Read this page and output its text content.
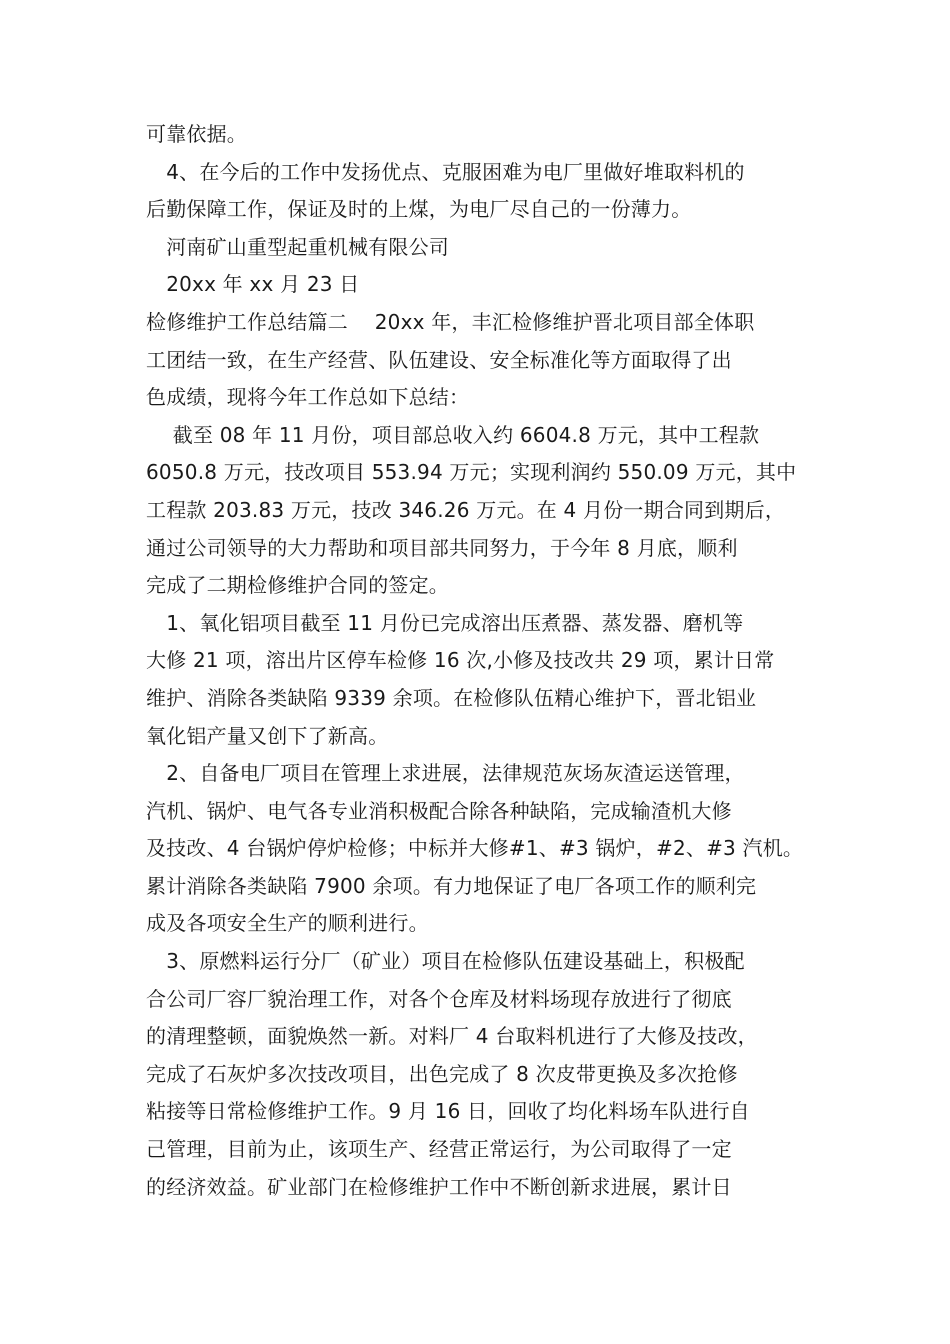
可靠依据。
　4、在今后的工作中发扬优点、克服困难为电厂里做好堆取料机的
后勤保障工作，保证及时的上煤，为电厂尽自己的一份薄力。
　河南矿山重型起重机械有限公司
　20xx 年 xx 月 23 日
检修维护工作总结篇二　 20xx 年，丰汇检修维护晋北项目部全体职
工团结一致，在生产经营、队伍建设、安全标准化等方面取得了出
色成绩，现将今年工作总如下总结：
　 截至 08 年 11 月份，项目部总收入约 6604.8 万元，其中工程款
6050.8 万元，技改项目 553.94 万元；实现利润约 550.09 万元，其中
工程款 203.83 万元，技改 346.26 万元。在 4 月份一期合同到期后，
通过公司领导的大力帮助和项目部共同努力，于今年 8 月底，顺利
完成了二期检修维护合同的签定。
　1、氧化铝项目截至 11 月份已完成溶出压煮器、蒸发器、磨机等
大修 21 项，溶出片区停车检修 16 次,小修及技改共 29 项，累计日常
维护、消除各类缺陷 9339 余项。在检修队伍精心维护下，晋北铝业
氧化铝产量又创下了新高。
　2、自备电厂项目在管理上求进展，法律规范灰场灰渣运送管理，
汽机、锅炉、电气各专业消积极配合除各种缺陷，完成输渣机大修
及技改、4 台锅炉停炉检修；中标并大修#1、#3 锅炉，#2、#3 汽机。
累计消除各类缺陷 7900 余项。有力地保证了电厂各项工作的顺利完
成及各项安全生产的顺利进行。
　3、原燃料运行分厂（矿业）项目在检修队伍建设基础上，积极配
合公司厂容厂貌治理工作，对各个仓库及材料场现存放进行了彻底
的清理整顿，面貌焕然一新。对料厂 4 台取料机进行了大修及技改，
完成了石灰炉多次技改项目，出色完成了 8 次皮带更换及多次抢修
粘接等日常检修维护工作。9 月 16 日，回收了均化料场车队进行自
己管理，目前为止，该项生产、经营正常运行，为公司取得了一定
的经济效益。矿业部门在检修维护工作中不断创新求进展，累计日
